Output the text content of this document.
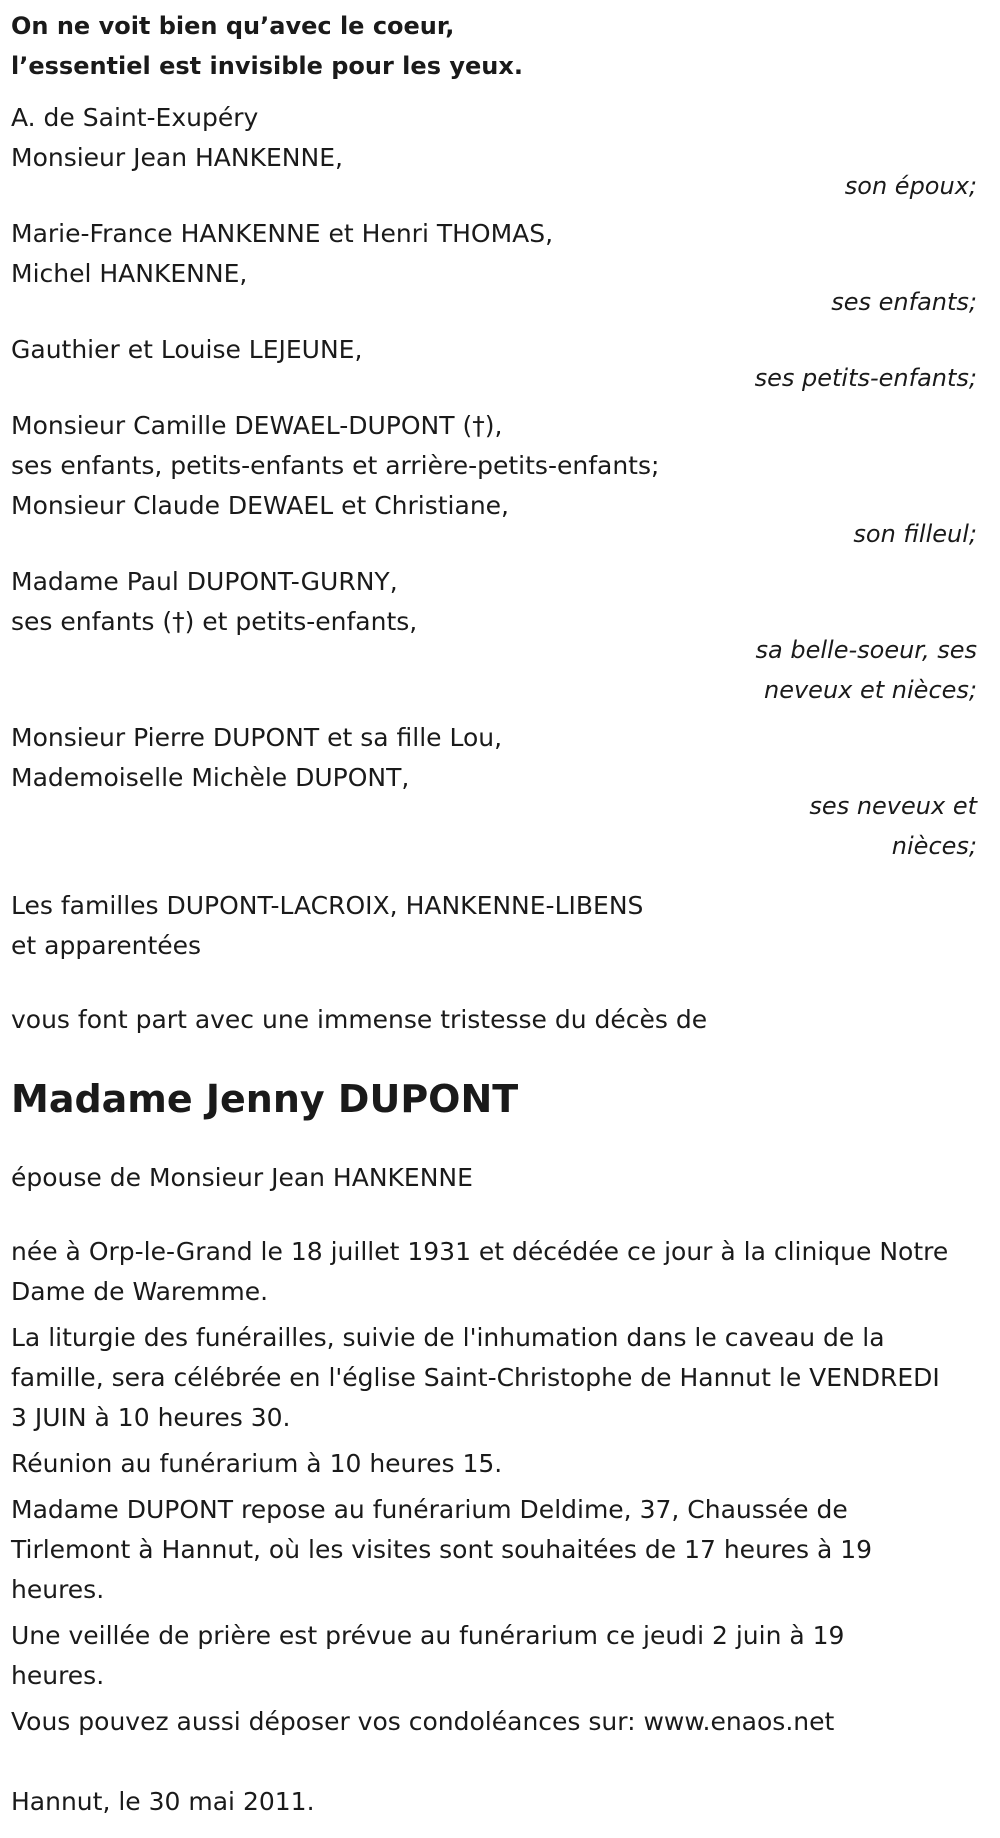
On ne voit bien qu’avec le coeur,
l’essentiel est invisible pour les yeux.
A. de Saint-Exupéry
Monsieur Jean HANKENNE,
son époux;
Marie-France HANKENNE et Henri THOMAS,
Michel HANKENNE,
ses enfants;
Gauthier et Louise LEJEUNE,
ses petits-enfants;
Monsieur Camille DEWAEL-DUPONT (†),
ses enfants, petits-enfants et arrière-petits-enfants;
Monsieur Claude DEWAEL et Christiane,
son filleul;
Madame Paul DUPONT-GURNY,
ses enfants (†) et petits-enfants,
sa belle-soeur, ses
neveux et nièces;
Monsieur Pierre DUPONT et sa fille Lou,
Mademoiselle Michèle DUPONT,
ses neveux et
nièces;
Les familles DUPONT-LACROIX, HANKENNE-LIBENS
et apparentées
vous font part avec une immense tristesse du décès de
Madame Jenny DUPONT
épouse de Monsieur Jean HANKENNE
née à Orp-le-Grand le 18 juillet 1931 et décédée ce jour à la clinique Notre
Dame de Waremme.
La liturgie des funérailles, suivie de l'inhumation dans le caveau de la
famille, sera célébrée en l'église Saint-Christophe de Hannut le VENDREDI
3 JUIN à 10 heures 30.
Réunion au funérarium à 10 heures 15.
Madame DUPONT repose au funérarium Deldime, 37, Chaussée de
Tirlemont à Hannut, où les visites sont souhaitées de 17 heures à 19
heures.
Une veillée de prière est prévue au funérarium ce jeudi 2 juin à 19
heures.
Vous pouvez aussi déposer vos condoléances sur: www.enaos.net
Hannut, le 30 mai 2011.
